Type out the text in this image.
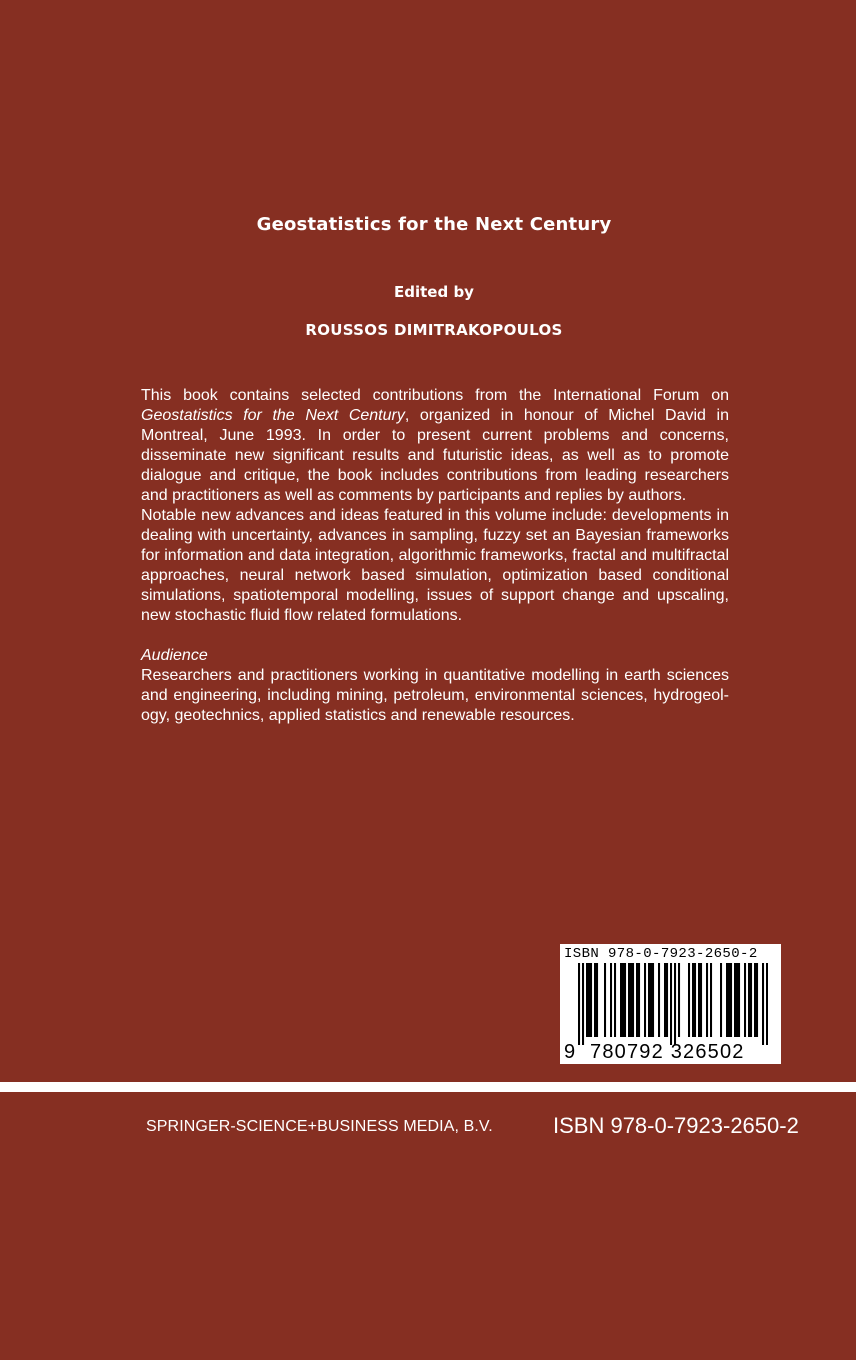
Geostatistics for the Next Century
Edited by
ROUSSOS DIMITRAKOPOULOS

This book contains selected contributions from the International Forum on Geostatistics for the Next Century, organized in honour of Michel David in Montreal, June 1993. In order to present current problems and concerns, disseminate new significant results and futuristic ideas, as well as to promote dialogue and critique, the book includes contributions from leading researchers and practitioners as well as comments by participants and replies by authors.

Notable new advances and ideas featured in this volume include: developments in dealing with uncertainty, advances in sampling, fuzzy set an Bayesian frameworks for information and data integration, algorithmic frameworks, fractal and multifractal approaches, neural network based simulation, optimization based conditional simulations, spatiotemporal modelling, issues of support change and upscaling, new stochastic fluid flow related formulations.

Audience

Researchers and practitioners working in quantitative modelling in earth sciences and engineering, including mining, petroleum, environmental sciences, hydrogeology, geotechnics, applied statistics and renewable resources.

ISBN 978-0-7923-2650-2
9 780792 326502
SPRINGER-SCIENCE+BUSINESS MEDIA, B.V.	ISBN 978-0-7923-2650-2
